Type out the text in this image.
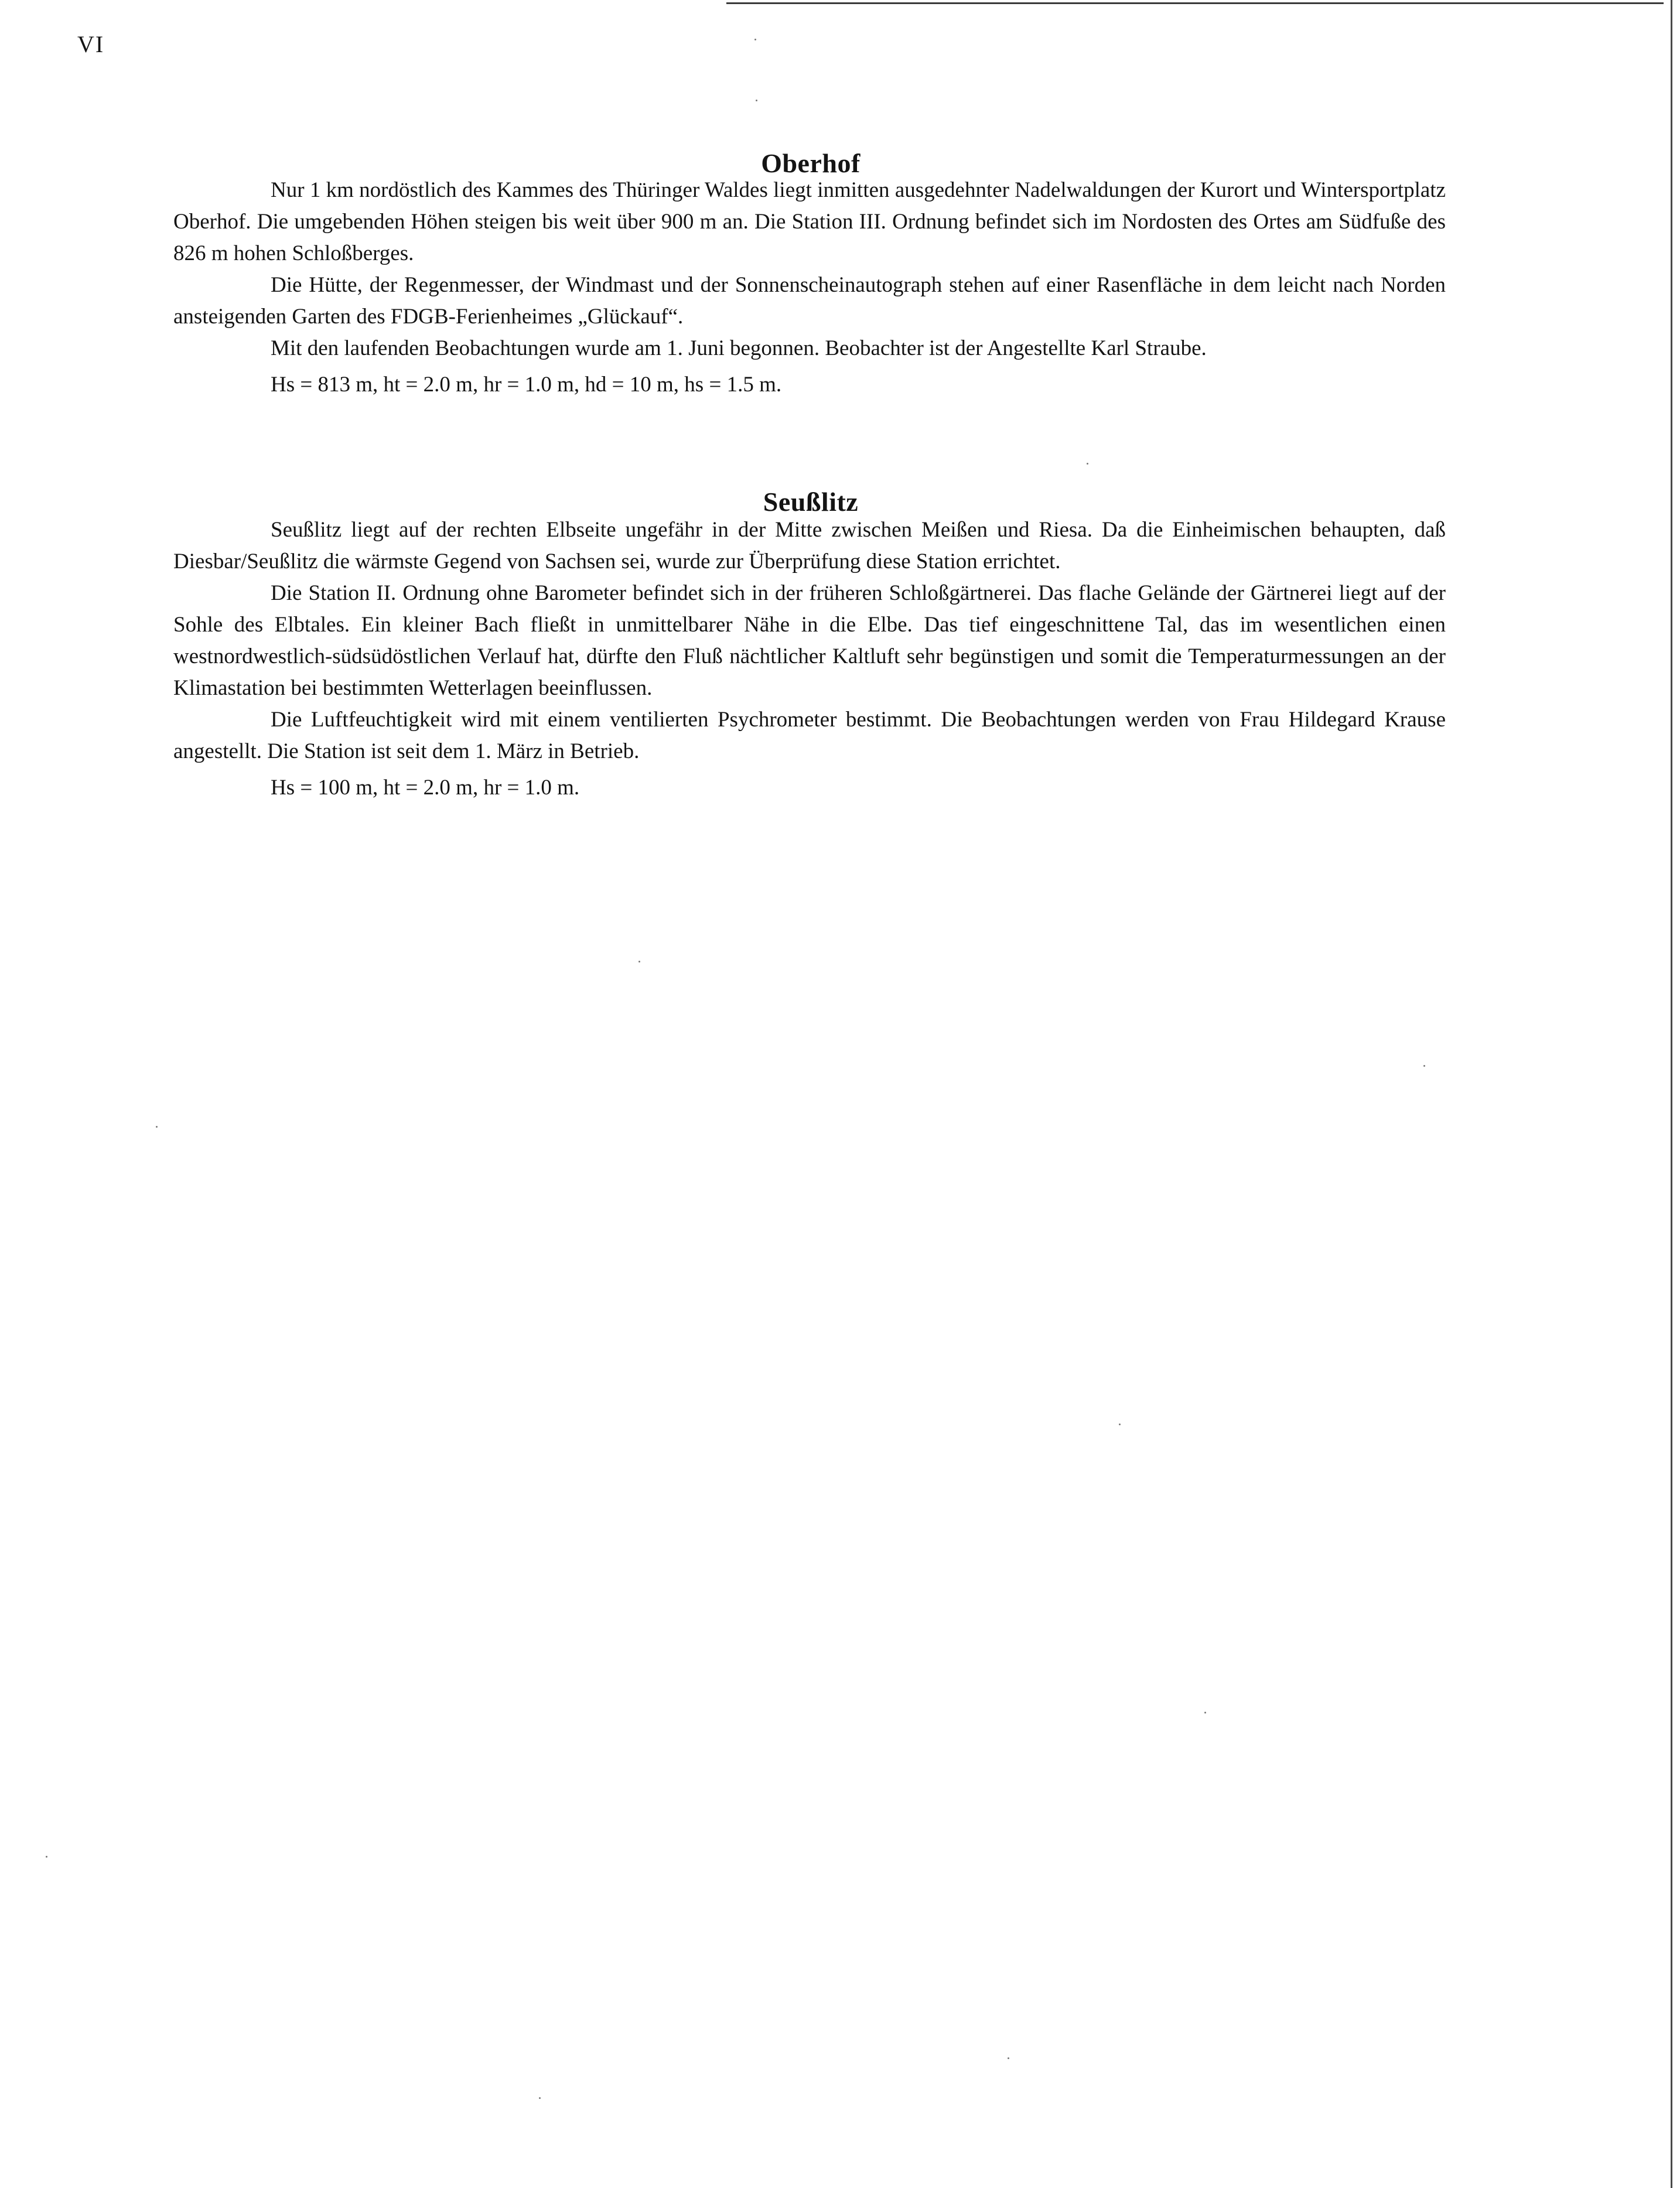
VI
Oberhof

Nur 1 km nordöstlich des Kammes des Thüringer Waldes liegt inmitten ausgedehnter Nadelwaldungen der Kurort und Wintersportplatz Oberhof. Die umgebenden Höhen steigen bis weit über 900 m an. Die Station III. Ordnung befindet sich im Nordosten des Ortes am Südfuße des 826 m hohen Schloßberges.

Die Hütte, der Regenmesser, der Windmast und der Sonnenscheinautograph stehen auf einer Rasenfläche in dem leicht nach Norden ansteigenden Garten des FDGB-Ferienheimes „Glückauf“.

Mit den laufenden Beobachtungen wurde am 1. Juni begonnen. Beobachter ist der Angestellte Karl Straube.

Hs = 813 m, ht = 2.0 m, hr = 1.0 m, hd = 10 m, hs = 1.5 m.

Seußlitz

Seußlitz liegt auf der rechten Elbseite ungefähr in der Mitte zwischen Meißen und Riesa. Da die Einheimischen behaupten, daß Diesbar/Seußlitz die wärmste Gegend von Sachsen sei, wurde zur Überprüfung diese Station errichtet.

Die Station II. Ordnung ohne Barometer befindet sich in der früheren Schloßgärtnerei. Das flache Gelände der Gärtnerei liegt auf der Sohle des Elbtales. Ein kleiner Bach fließt in unmittelbarer Nähe in die Elbe. Das tief eingeschnittene Tal, das im wesentlichen einen westnordwestlich-südsüdöstlichen Verlauf hat, dürfte den Fluß nächtlicher Kaltluft sehr begünstigen und somit die Temperaturmessungen an der Klimastation bei bestimmten Wetterlagen beeinflussen.

Die Luftfeuchtigkeit wird mit einem ventilierten Psychrometer bestimmt. Die Beobachtungen werden von Frau Hildegard Krause angestellt. Die Station ist seit dem 1. März in Betrieb.

Hs = 100 m, ht = 2.0 m, hr = 1.0 m.
